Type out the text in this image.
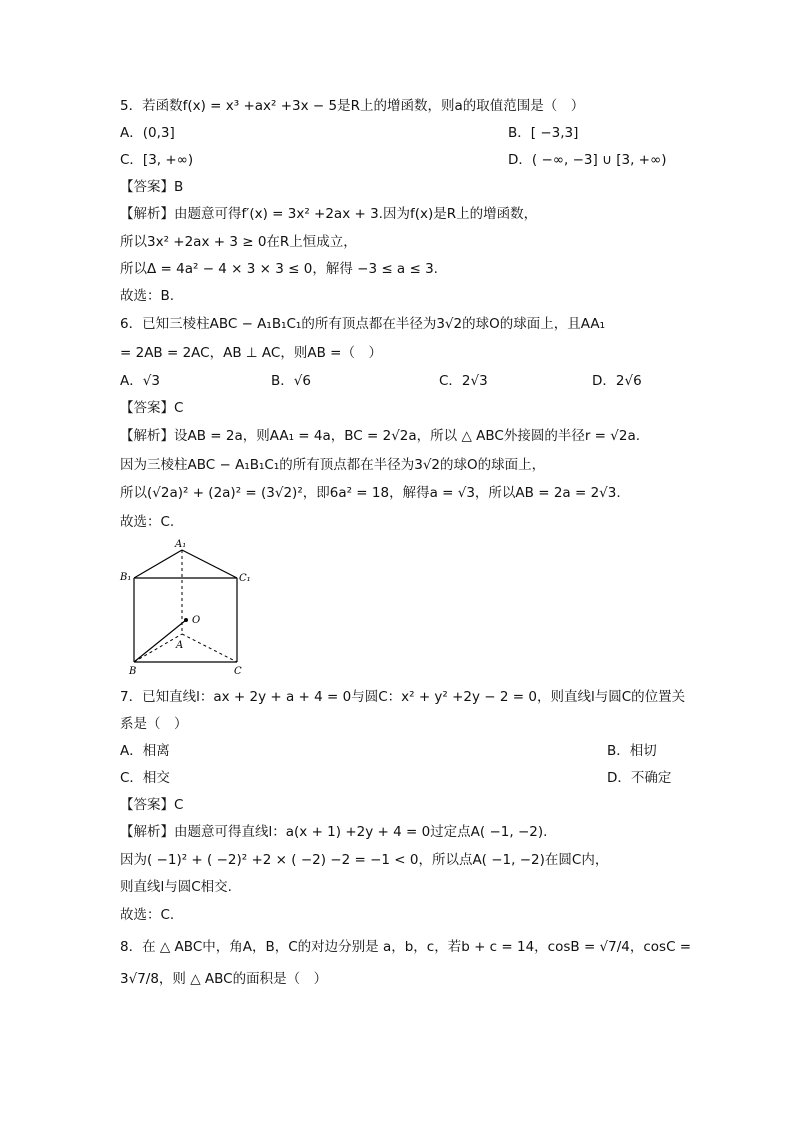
5．若函数f(x) = x³ +ax² +3x − 5是R上的增函数，则a的取值范围是（　）
A．(0,3]	B．[ −3,3]
C．[3, +∞)	D．( −∞, −3] ∪ [3, +∞)
【答案】B
【解析】由题意可得f′(x) = 3x² +2ax + 3.因为f(x)是R上的增函数，
所以3x² +2ax + 3 ≥ 0在R上恒成立，
所以Δ = 4a² − 4 × 3 × 3 ≤ 0，解得 −3 ≤ a ≤ 3.
故选：B.
6．已知三棱柱ABC − A₁B₁C₁的所有顶点都在半径为3√2的球O的球面上，且AA₁
= 2AB = 2AC，AB ⊥ AC，则AB =（　）
A．√3	B．√6	C．2√3	D．2√6
【答案】C
【解析】设AB = 2a，则AA₁ = 4a，BC = 2√2a，所以 △ ABC外接圆的半径r = √2a.
因为三棱柱ABC − A₁B₁C₁的所有顶点都在半径为3√2的球O的球面上，
所以(√2a)² + (2a)² = (3√2)²，即6a² = 18，解得a = √3，所以AB = 2a = 2√3.
故选：C.
A₁
B₁	C₁
O
A
B	C
7．已知直线l：ax + 2y + a + 4 = 0与圆C：x² + y² +2y − 2 = 0，则直线l与圆C的位置关
系是（　）
A．相离	B．相切
C．相交	D．不确定
【答案】C
【解析】由题意可得直线l：a(x + 1) +2y + 4 = 0过定点A( −1, −2).
因为( −1)² + ( −2)² +2 × ( −2) −2 = −1 < 0，所以点A( −1, −2)在圆C内，
则直线l与圆C相交.
故选：C.
8．在 △ ABC中，角A，B，C的对边分别是 a，b，c，若b + c = 14，cosB = √7/4，cosC =
3√7/8，则 △ ABC的面积是（　）
